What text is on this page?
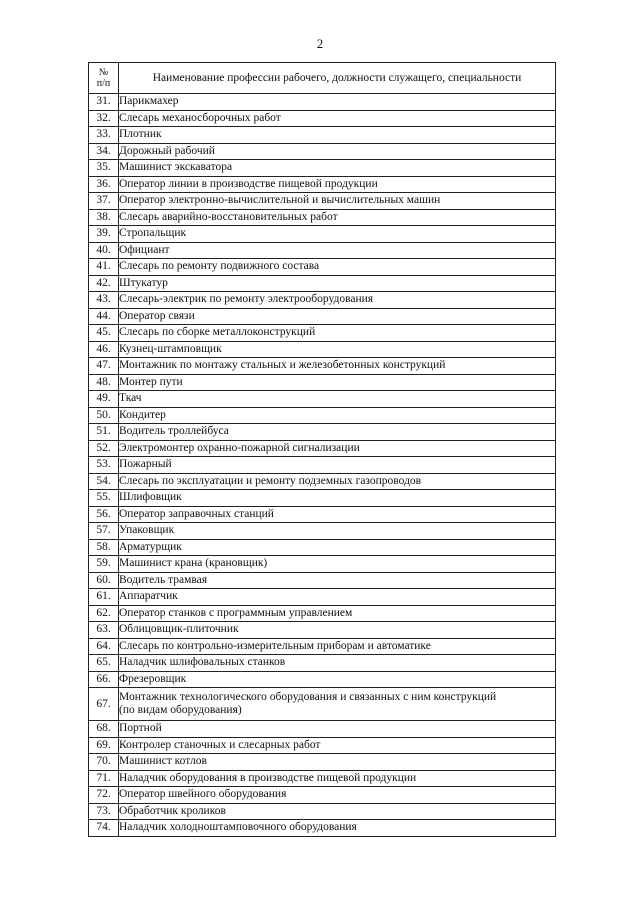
2
№
п/п	Наименование профессии рабочего, должности служащего, специальности
31.	Парикмахер
32.	Слесарь механосборочных работ
33.	Плотник
34.	Дорожный рабочий
35.	Машинист экскаватора
36.	Оператор линии в производстве пищевой продукции
37.	Оператор электронно-вычислительной и вычислительных машин
38.	Слесарь аварийно-восстановительных работ
39.	Стропальщик
40.	Официант
41.	Слесарь по ремонту подвижного состава
42.	Штукатур
43.	Слесарь-электрик по ремонту электрооборудования
44.	Оператор связи
45.	Слесарь по сборке металлоконструкций
46.	Кузнец-штамповщик
47.	Монтажник по монтажу стальных и железобетонных конструкций
48.	Монтер пути
49.	Ткач
50.	Кондитер
51.	Водитель троллейбуса
52.	Электромонтер охранно-пожарной сигнализации
53.	Пожарный
54.	Слесарь по эксплуатации и ремонту подземных газопроводов
55.	Шлифовщик
56.	Оператор заправочных станций
57.	Упаковщик
58.	Арматурщик
59.	Машинист крана (крановщик)
60.	Водитель трамвая
61.	Аппаратчик
62.	Оператор станков с программным управлением
63.	Облицовщик-плиточник
64.	Слесарь по контрольно-измерительным приборам и автоматике
65.	Наладчик шлифовальных станков
66.	Фрезеровщик
67.	Монтажник технологического оборудования и связанных с ним конструкций
(по видам оборудования)

68.	Портной
69.	Контролер станочных и слесарных работ
70.	Машинист котлов
71.	Наладчик оборудования в производстве пищевой продукции
72.	Оператор швейного оборудования
73.	Обработчик кроликов
74.	Наладчик холодноштамповочного оборудования
